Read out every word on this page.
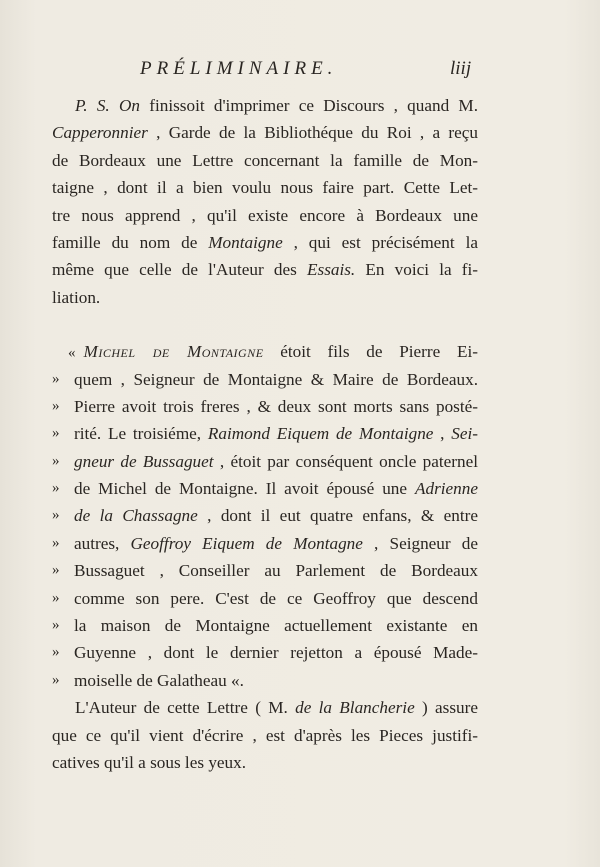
PRÉLIMINAIRE.	liij
P. S. On finissoit d'imprimer ce Discours , quand M.
Capperonnier , Garde de la Bibliothéque du Roi , a reçu
de Bordeaux une Lettre concernant la famille de Mon-
taigne , dont il a bien voulu nous faire part. Cette Let-
tre nous apprend , qu'il existe encore à Bordeaux une
famille du nom de Montaigne , qui est précisément la
même que celle de l'Auteur des Essais. En voici la fi-
liation.
« Michel de Montaigne étoit fils de Pierre Ei-
» quem , Seigneur de Montaigne & Maire de Bordeaux.
» Pierre avoit trois freres , & deux sont morts sans posté-
» rité. Le troisiéme, Raimond Eiquem de Montaigne , Sei-
» gneur de Bussaguet , étoit par conséquent oncle paternel
» de Michel de Montaigne. Il avoit épousé une Adrienne
» de la Chassagne , dont il eut quatre enfans, & entre
» autres, Geoffroy Eiquem de Montagne , Seigneur de
» Bussaguet , Conseiller au Parlement de Bordeaux
» comme son pere. C'est de ce Geoffroy que descend
» la maison de Montaigne actuellement existante en
» Guyenne , dont le dernier rejetton a épousé Made-
» moiselle de Galatheau «.
L'Auteur de cette Lettre ( M. de la Blancherie ) assure
que ce qu'il vient d'écrire , est d'après les Pieces justifi-
catives qu'il a sous les yeux.
